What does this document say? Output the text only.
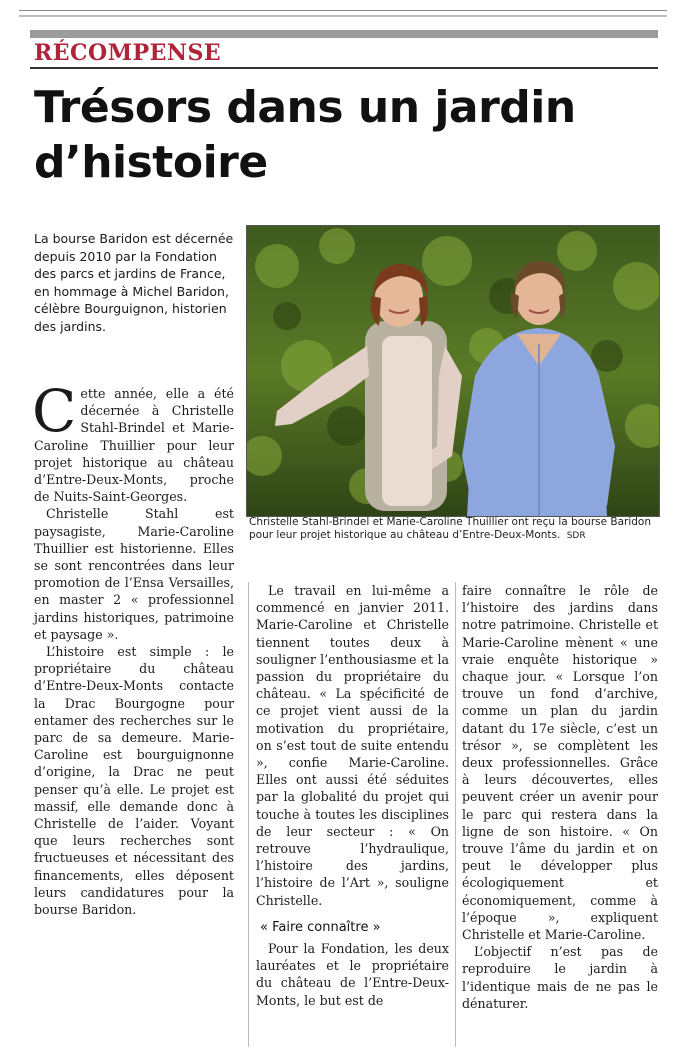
RÉCOMPENSE
Trésors dans un jardin d’histoire
La bourse Baridon est décernée depuis 2010 par la Fondation des parcs et jardins de France, en hommage à Michel Baridon, célèbre Bourguignon, historien des jardins.
Christelle Stahl-Brindel et Marie-Caroline Thuillier ont reçu la bourse Baridon pour leur projet historique au château d’Entre-Deux-Monts. SDR

Cette année, elle a été décernée à Christelle Stahl-Brindel et Marie-Caroline Thuillier pour leur projet historique au château d’Entre-Deux-Monts, proche de Nuits-Saint-Georges.

Christelle Stahl est paysagiste, Marie-Caroline Thuillier est historienne. Elles se sont rencontrées dans leur promotion de l’Ensa Versailles, en master 2 « professionnel jardins historiques, patrimoine et paysage ».

L’histoire est simple : le propriétaire du château d’Entre-Deux-Monts contacte la Drac Bourgogne pour entamer des recherches sur le parc de sa demeure. Marie-Caroline est bourguignonne d’origine, la Drac ne peut penser qu’à elle. Le projet est massif, elle demande donc à Christelle de l’aider. Voyant que leurs recherches sont fructueuses et nécessitant des financements, elles déposent leurs candidatures pour la bourse Baridon.

Le travail en lui-même a commencé en janvier 2011. Marie-Caroline et Christelle tiennent toutes deux à souligner l’enthousiasme et la passion du propriétaire du château. « La spécificité de ce projet vient aussi de la motivation du propriétaire, on s’est tout de suite entendu », confie Marie-Caroline. Elles ont aussi été séduites par la globalité du projet qui touche à toutes les disciplines de leur secteur : « On retrouve l’hydraulique, l’histoire des jardins, l’histoire de l’Art », souligne Christelle.

« Faire connaître »

Pour la Fondation, les deux lauréates et le propriétaire du château de l’Entre-Deux-Monts, le but est de

faire connaître le rôle de l’histoire des jardins dans notre patrimoine. Christelle et Marie-Caroline mènent « une vraie enquête historique » chaque jour. « Lorsque l’on trouve un fond d’archive, comme un plan du jardin datant du 17e siècle, c’est un trésor », se complètent les deux professionnelles. Grâce à leurs découvertes, elles peuvent créer un avenir pour le parc qui restera dans la ligne de son histoire. « On trouve l’âme du jardin et on peut le développer plus écologiquement et économiquement, comme à l’époque », expliquent Christelle et Marie-Caroline.

L’objectif n’est pas de reproduire le jardin à l’identique mais de ne pas le dénaturer.
